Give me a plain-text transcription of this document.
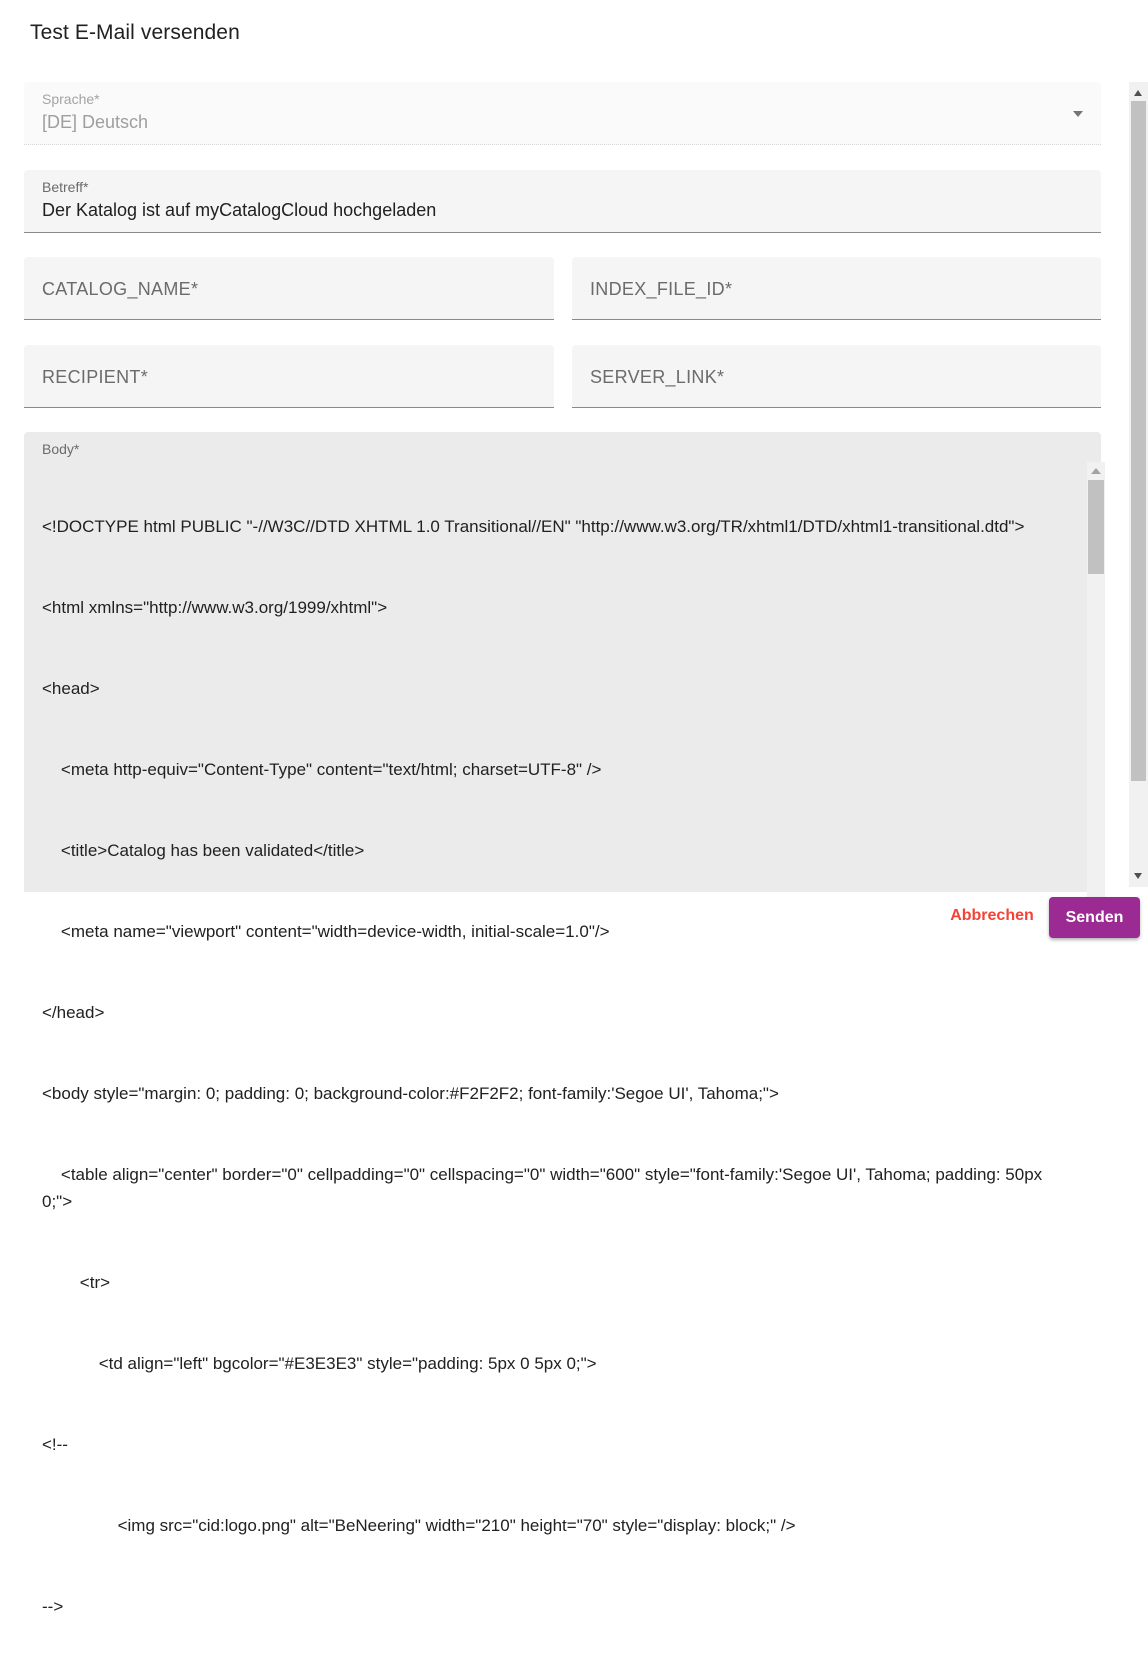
Test E-Mail versenden
Sprache*
[DE] Deutsch
Betreff*
Der Katalog ist auf myCatalogCloud hochgeladen
CATALOG_NAME*	INDEX_FILE_ID*
RECIPIENT*	SERVER_LINK*
Body*

<!DOCTYPE html PUBLIC "-//W3C//DTD XHTML 1.0 Transitional//EN" "http://www.w3.org/TR/xhtml1/DTD/xhtml1-transitional.dtd">

<html xmlns="http://www.w3.org/1999/xhtml">

<head>

	<meta http-equiv="Content-Type" content="text/html; charset=UTF-8" />

	<title>Catalog has been validated</title>

	<meta name="viewport" content="width=device-width, initial-scale=1.0"/>

</head>

<body style="margin: 0; padding: 0; background-color:#F2F2F2; font-family:'Segoe UI', Tahoma;">

	<table align="center" border="0" cellpadding="0" cellspacing="0" width="600" style="font-family:'Segoe UI', Tahoma; padding: 50px 0;">

		<tr>

			<td align="left" bgcolor="#E3E3E3" style="padding: 5px 0 5px 0;">

<!--

				<img src="cid:logo.png" alt="BeNeering" width="210" height="70" style="display: block;" />

-->

Abbrechen	Senden
